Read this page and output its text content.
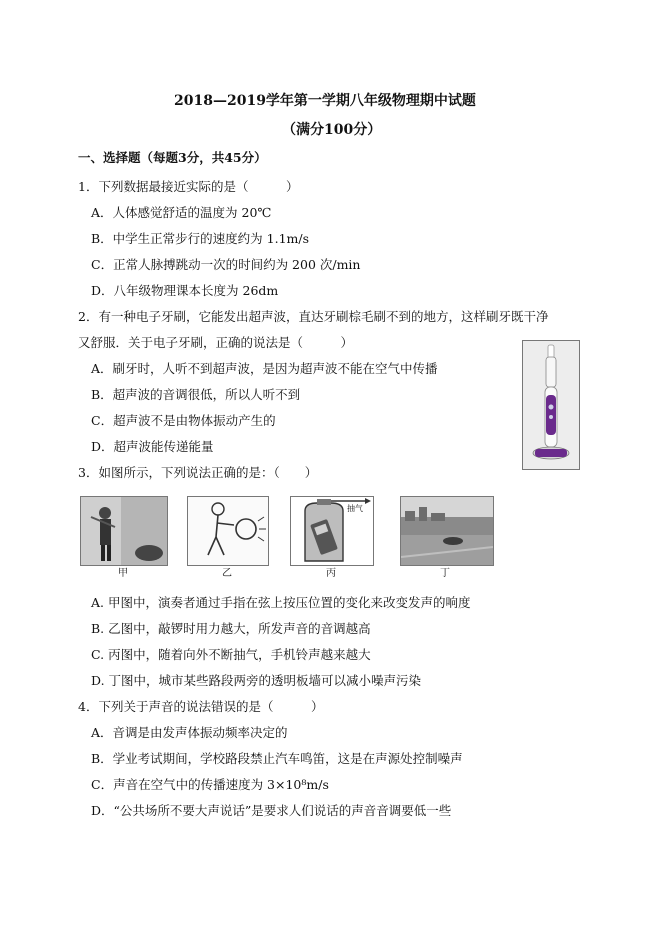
2018—2019学年第一学期八年级物理期中试题
（满分100分）
一、选择题（每题3分，共45分）
1．下列数据最接近实际的是（　　　）
A．人体感觉舒适的温度为 20℃
B．中学生正常步行的速度约为 1.1m/s
C．正常人脉搏跳动一次的时间约为 200 次/min
D．八年级物理课本长度为 26dm
2．有一种电子牙刷，它能发出超声波，直达牙刷棕毛刷不到的地方，这样刷牙既干净
又舒服．关于电子牙刷，正确的说法是（　　　）
A．刷牙时，人听不到超声波，是因为超声波不能在空气中传播
B．超声波的音调很低，所以人听不到
C．超声波不是由物体振动产生的
D．超声波能传递能量
3．如图所示，下列说法正确的是：（　　）
甲	乙
抽气
丙	丁
A. 甲图中，演奏者通过手指在弦上按压位置的变化来改变发声的响度
B. 乙图中，敲锣时用力越大，所发声音的音调越高
C. 丙图中，随着向外不断抽气，手机铃声越来越大
D. 丁图中，城市某些路段两旁的透明板墙可以减小噪声污染
4．下列关于声音的说法错误的是（　　　）
A．音调是由发声体振动频率决定的
B．学业考试期间，学校路段禁止汽车鸣笛，这是在声源处控制噪声
C．声音在空气中的传播速度为 3×10⁸m/s
D．“公共场所不要大声说话”是要求人们说话的声音音调要低一些
